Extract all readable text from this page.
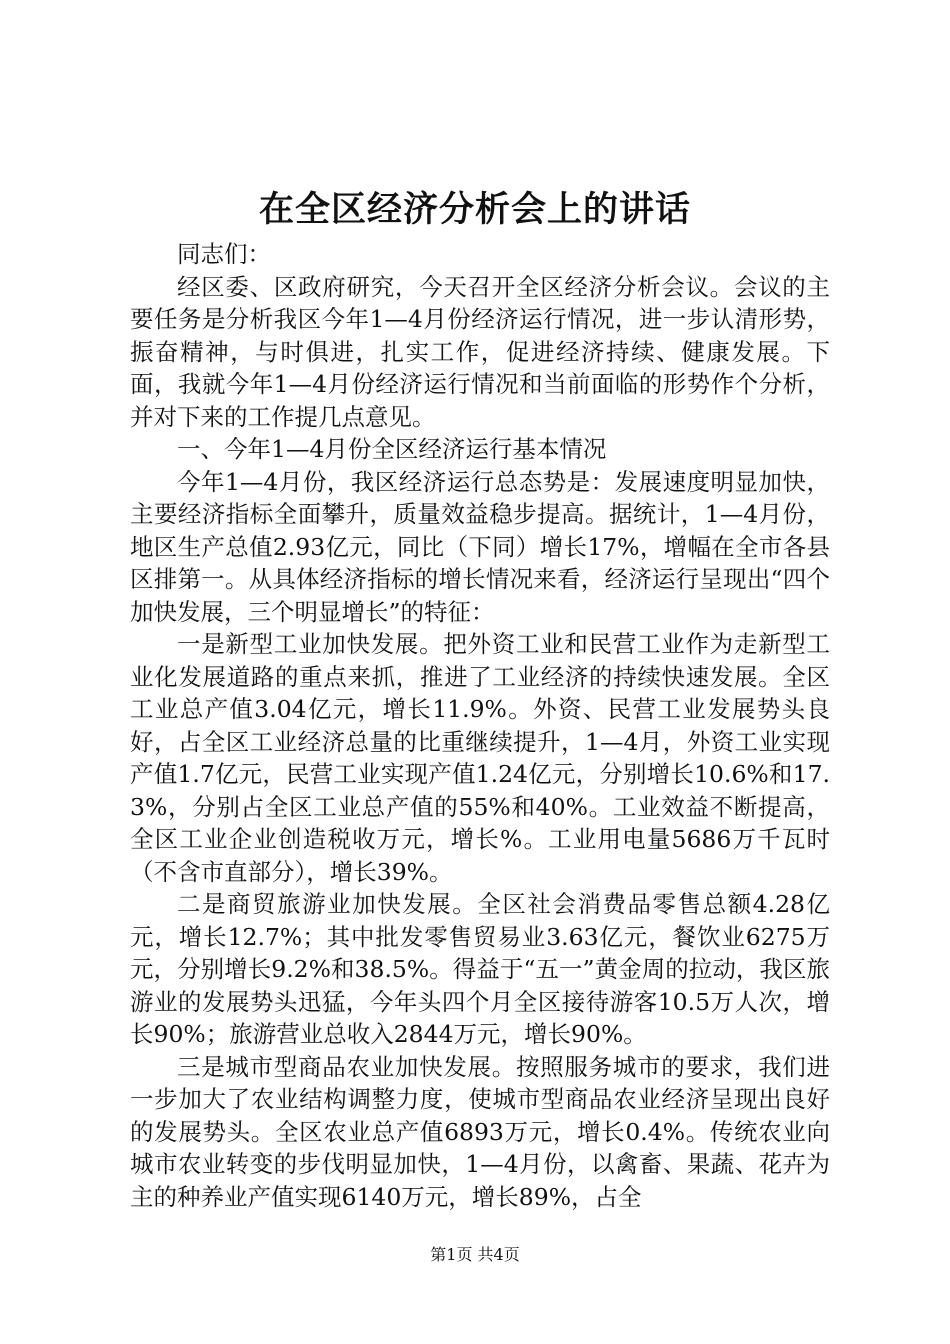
在全区经济分析会上的讲话

同志们：

经区委、区政府研究，今天召开全区经济分析会议。会议的主要任务是分析我区今年1—4月份经济运行情况，进一步认清形势，振奋精神，与时俱进，扎实工作，促进经济持续、健康发展。下面，我就今年1—4月份经济运行情况和当前面临的形势作个分析，并对下来的工作提几点意见。

一、今年1—4月份全区经济运行基本情况

今年1—4月份，我区经济运行总态势是：发展速度明显加快，主要经济指标全面攀升，质量效益稳步提高。据统计，1—4月份，地区生产总值2.93亿元，同比（下同）增长17%，增幅在全市各县区排第一。从具体经济指标的增长情况来看，经济运行呈现出“四个加快发展，三个明显增长”的特征：

一是新型工业加快发展。把外资工业和民营工业作为走新型工业化发展道路的重点来抓，推进了工业经济的持续快速发展。全区工业总产值3.04亿元，增长11.9%。外资、民营工业发展势头良好，占全区工业经济总量的比重继续提升，1—4月，外资工业实现产值1.7亿元，民营工业实现产值1.24亿元，分别增长10.6%和17.3%，分别占全区工业总产值的55%和40%。工业效益不断提高，全区工业企业创造税收万元，增长%。工业用电量5686万千瓦时（不含市直部分），增长39%。

二是商贸旅游业加快发展。全区社会消费品零售总额4.28亿元，增长12.7%；其中批发零售贸易业3.63亿元，餐饮业6275万元，分别增长9.2%和38.5%。得益于“五一”黄金周的拉动，我区旅游业的发展势头迅猛，今年头四个月全区接待游客10.5万人次，增长90%；旅游营业总收入2844万元，增长90%。

三是城市型商品农业加快发展。按照服务城市的要求，我们进一步加大了农业结构调整力度，使城市型商品农业经济呈现出良好的发展势头。全区农业总产值6893万元，增长0.4%。传统农业向城市农业转变的步伐明显加快，1—4月份，以禽畜、果蔬、花卉为主的种养业产值实现6140万元，增长89%，占全

第1页 共4页
